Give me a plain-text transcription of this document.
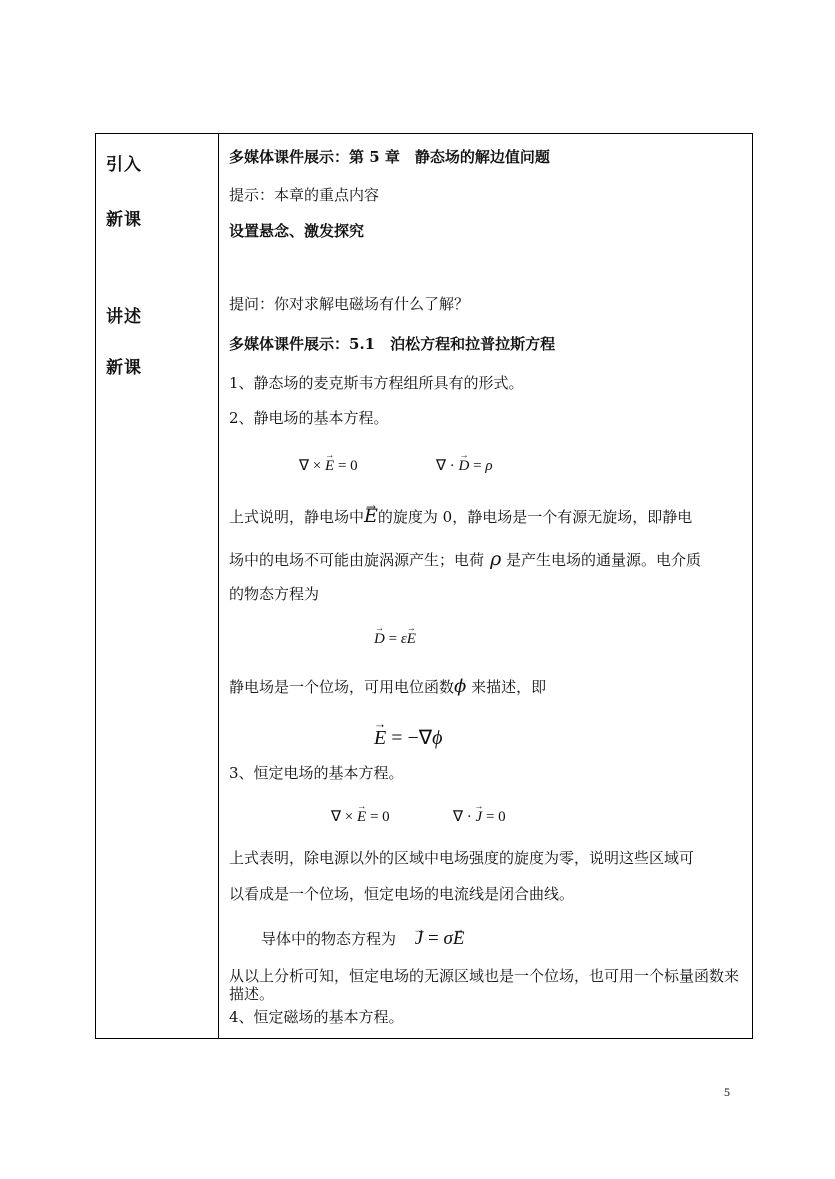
引入
新课
讲述
新课
多媒体课件展示：第 5 章　静态场的解边值问题
提示：本章的重点内容
设置悬念、激发探究
提问：你对求解电磁场有什么了解？
多媒体课件展示：5.1　泊松方程和拉普拉斯方程
1、静态场的麦克斯韦方程组所具有的形式。
2、静电场的基本方程。
∇ × → E = 0	∇ · → D = ρ
上式说明，静电场中→ E的旋度为 0，静电场是一个有源无旋场，即静电
场中的电场不可能由旋涡源产生；电荷 ρ 是产生电场的通量源。电介质
的物态方程为
→ D = ε→ E
静电场是一个位场，可用电位函数ϕ 来描述，即
→ E = −∇ϕ
3、恒定电场的基本方程。
∇ × → E = 0	∇ · → J = 0
上式表明，除电源以外的区域中电场强度的旋度为零，说明这些区域可
以看成是一个位场，恒定电场的电流线是闭合曲线。
导体中的物态方程为 → J = σ→ E
从以上分析可知，恒定电场的无源区域也是一个位场，也可用一个标量函数来描述。
4、恒定磁场的基本方程。
5
